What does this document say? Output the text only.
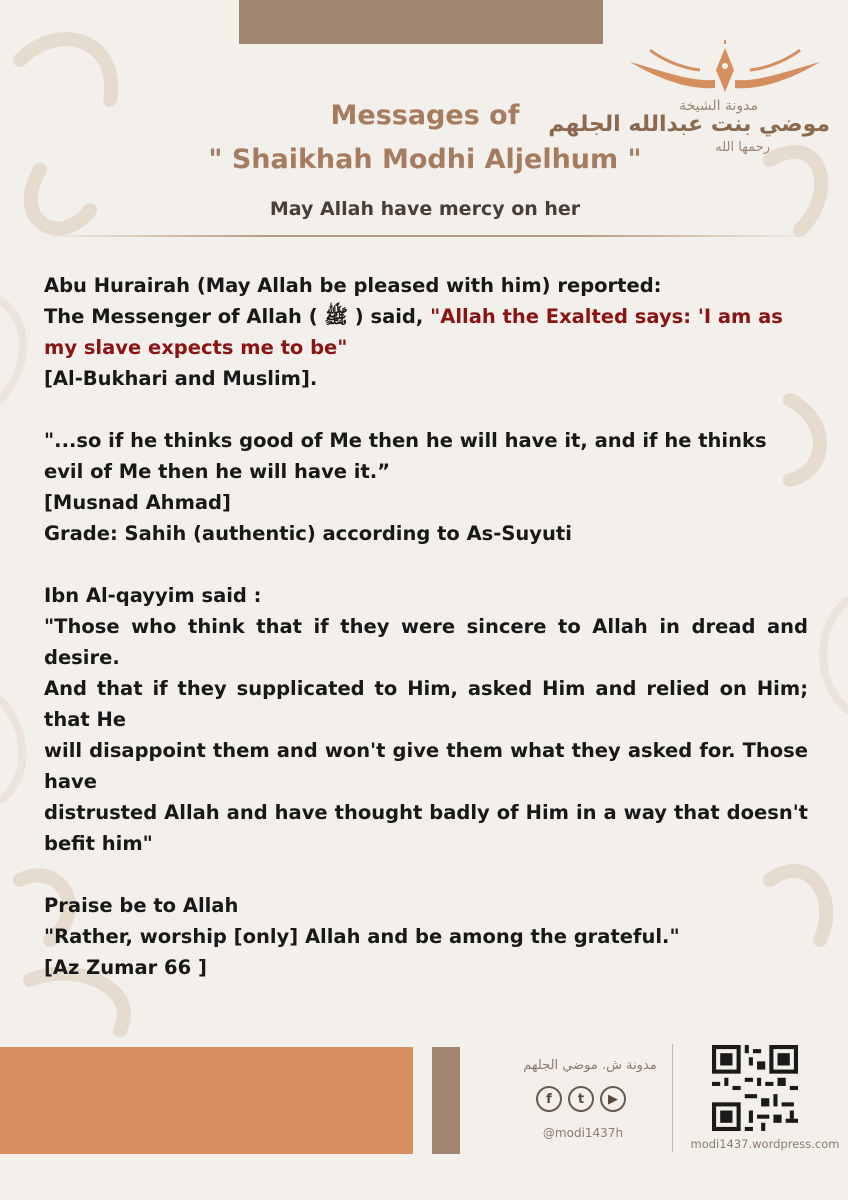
مدونة الشيخة
موضي بنت عبدالله الجلهم
رحمها الله
Messages of
" Shaikhah Modhi Aljelhum "
May Allah have mercy on her

Abu Hurairah (May Allah be pleased with him) reported:

The Messenger of Allah ( ﷺ ) said, "Allah the Exalted says: 'I am as my slave expects me to be"

[Al-Bukhari and Muslim].

"...so if he thinks good of Me then he will have it, and if he thinks evil of Me then he will have it.”

[Musnad Ahmad]

Grade: Sahih (authentic) according to As-Suyuti

Ibn Al-qayyim said :

"Those who think that if they were sincere to Allah in dread and desire.

And that if they supplicated to Him, asked Him and relied on Him; that He

will disappoint them and won't give them what they asked for. Those have

distrusted Allah and have thought badly of Him in a way that doesn't befit him"

Praise be to Allah

"Rather, worship [only] Allah and be among the grateful."

[Az Zumar 66 ]

مدونة ش. موضي الجلهم
f	t	▶
@modi1437h
modi1437.wordpress.com
